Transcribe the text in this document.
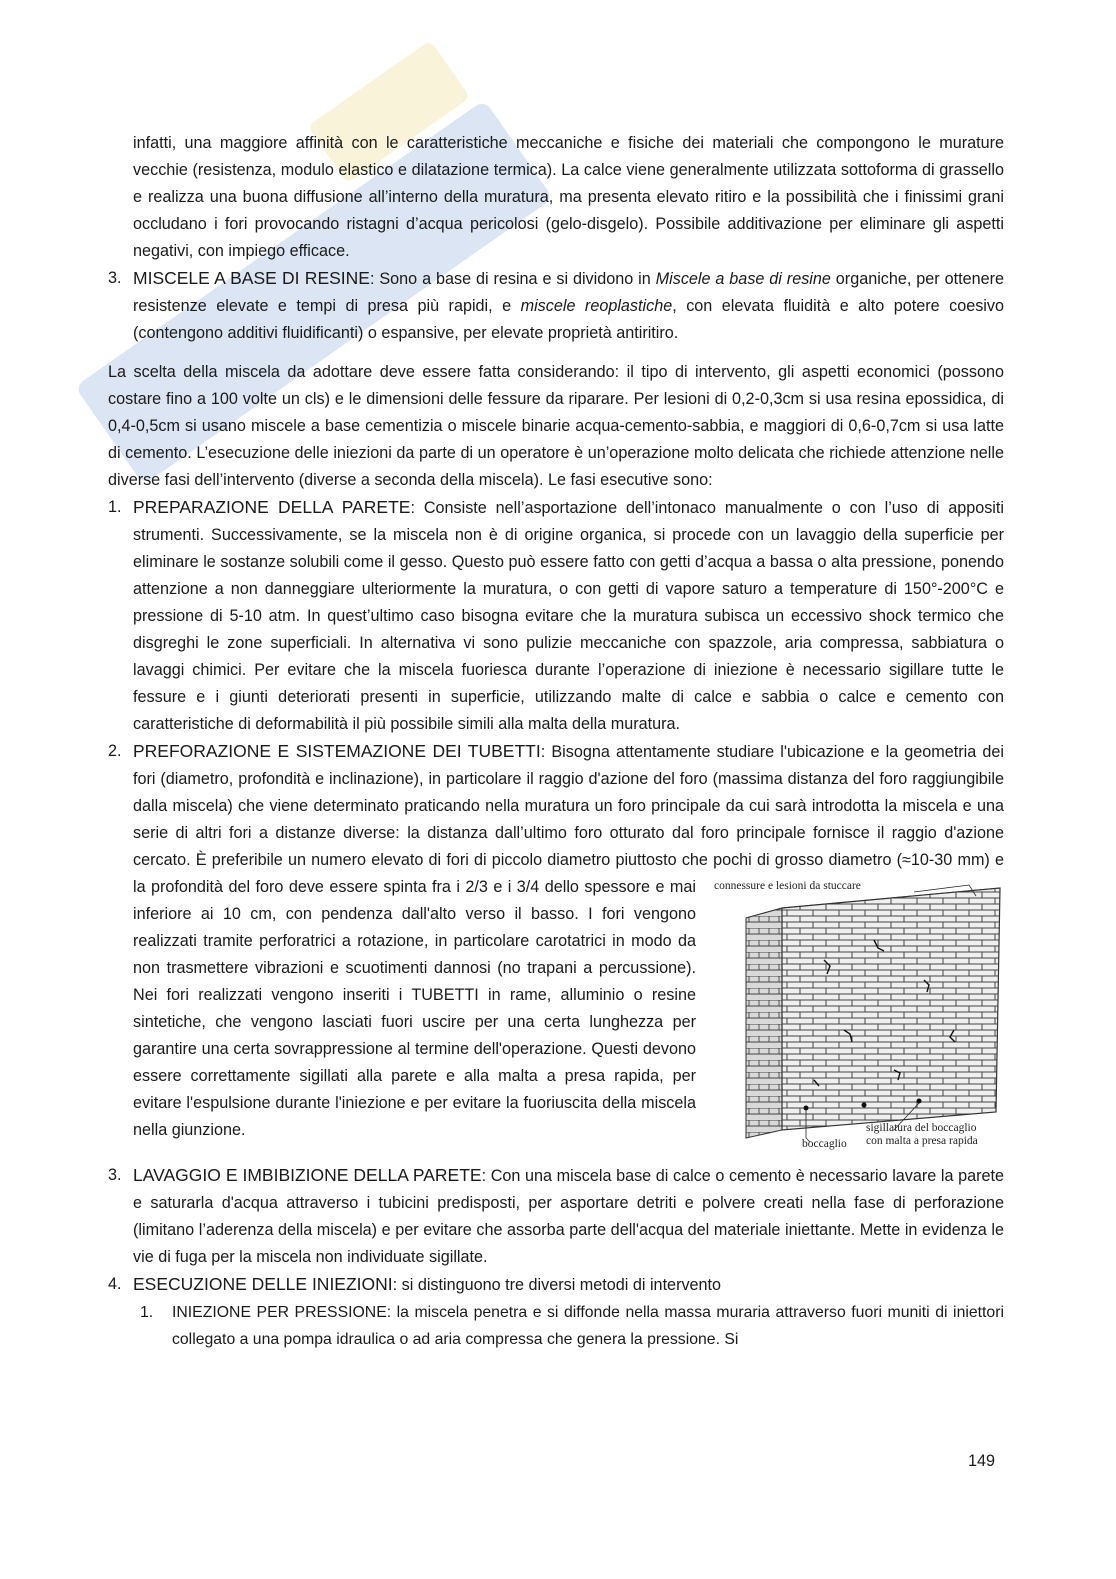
infatti, una maggiore affinità con le caratteristiche meccaniche e fisiche dei materiali che compongono le murature vecchie (resistenza, modulo elastico e dilatazione termica). La calce viene generalmente utilizzata sottoforma di grassello e realizza una buona diffusione all’interno della muratura, ma presenta elevato ritiro e la possibilità che i finissimi grani occludano i fori provocando ristagni d’acqua pericolosi (gelo-disgelo). Possibile additivazione per eliminare gli aspetti negativi, con impiego efficace.

3. MISCELE A BASE DI RESINE: Sono a base di resina e si dividono in Miscele a base di resine organiche, per ottenere resistenze elevate e tempi di presa più rapidi, e miscele reoplastiche, con elevata fluidità e alto potere coesivo (contengono additivi fluidificanti) o espansive, per elevate proprietà antiritiro.

La scelta della miscela da adottare deve essere fatta considerando: il tipo di intervento, gli aspetti economici (possono costare fino a 100 volte un cls) e le dimensioni delle fessure da riparare. Per lesioni di 0,2-0,3cm si usa resina epossidica, di 0,4-0,5cm si usano miscele a base cementizia o miscele binarie acqua-cemento-sabbia, e maggiori di 0,6-0,7cm si usa latte di cemento. L’esecuzione delle iniezioni da parte di un operatore è un’operazione molto delicata che richiede attenzione nelle diverse fasi dell’intervento (diverse a seconda della miscela). Le fasi esecutive sono:

1. PREPARAZIONE DELLA PARETE: Consiste nell’asportazione dell’intonaco manualmente o con l’uso di appositi strumenti. Successivamente, se la miscela non è di origine organica, si procede con un lavaggio della superficie per eliminare le sostanze solubili come il gesso. Questo può essere fatto con getti d’acqua a bassa o alta pressione, ponendo attenzione a non danneggiare ulteriormente la muratura, o con getti di vapore saturo a temperature di 150°-200°C e pressione di 5-10 atm. In quest’ultimo caso bisogna evitare che la muratura subisca un eccessivo shock termico che disgreghi le zone superficiali. In alternativa vi sono pulizie meccaniche con spazzole, aria compressa, sabbiatura o lavaggi chimici. Per evitare che la miscela fuoriesca durante l’operazione di iniezione è necessario sigillare tutte le fessure e i giunti deteriorati presenti in superficie, utilizzando malte di calce e sabbia o calce e cemento con caratteristiche di deformabilità il più possibile simili alla malta della muratura.
2. PREFORAZIONE E SISTEMAZIONE DEI TUBETTI: Bisogna attentamente studiare l'ubicazione e la geometria dei fori (diametro, profondità e inclinazione), in particolare il raggio d'azione del foro (massima distanza del foro raggiungibile dalla miscela) che viene determinato praticando nella muratura un foro principale da cui sarà introdotta la miscela e una serie di altri fori a distanze diverse: la distanza dall’ultimo foro otturato dal foro principale fornisce il raggio d'azione cercato. È preferibile un numero elevato di fori di piccolo diametro piuttosto che pochi di grosso diametro (≈10-30 mm) e la profondità del foro deve	connessure e lesioni da stuccare
boccaglio
sigillatura del boccaglio
con malta a presa rapida
essere spinta fra i 2/3 e i 3/4 dello spessore e mai inferiore ai 10 cm, con pendenza dall'alto verso il basso. I fori vengono realizzati tramite perforatrici a rotazione, in particolare carotatrici in modo da non trasmettere vibrazioni e scuotimenti dannosi (no trapani a percussione). Nei fori realizzati vengono inseriti i TUBETTI in rame, alluminio o resine sintetiche, che vengono lasciati fuori uscire per una certa lunghezza per garantire una certa sovrappressione al termine dell'operazione. Questi devono essere correttamente sigillati alla parete e alla malta a presa rapida, per evitare l'espulsione durante l'iniezione e per evitare la fuoriuscita della miscela nella giunzione.
3. LAVAGGIO E IMBIBIZIONE DELLA PARETE: Con una miscela base di calce o cemento è necessario lavare la parete e saturarla d'acqua attraverso i tubicini predisposti, per asportare detriti e polvere creati nella fase di perforazione (limitano l’aderenza della miscela) e per evitare che assorba parte dell'acqua del materiale iniettante. Mette in evidenza le vie di fuga per la miscela non individuate sigillate.
4. ESECUZIONE DELLE INIEZIONI: si distinguono tre diversi metodi di intervento
1. INIEZIONE PER PRESSIONE: la miscela penetra e si diffonde nella massa muraria attraverso fuori muniti di iniettori collegato a una pompa idraulica o ad aria compressa che genera la pressione. Si
149
